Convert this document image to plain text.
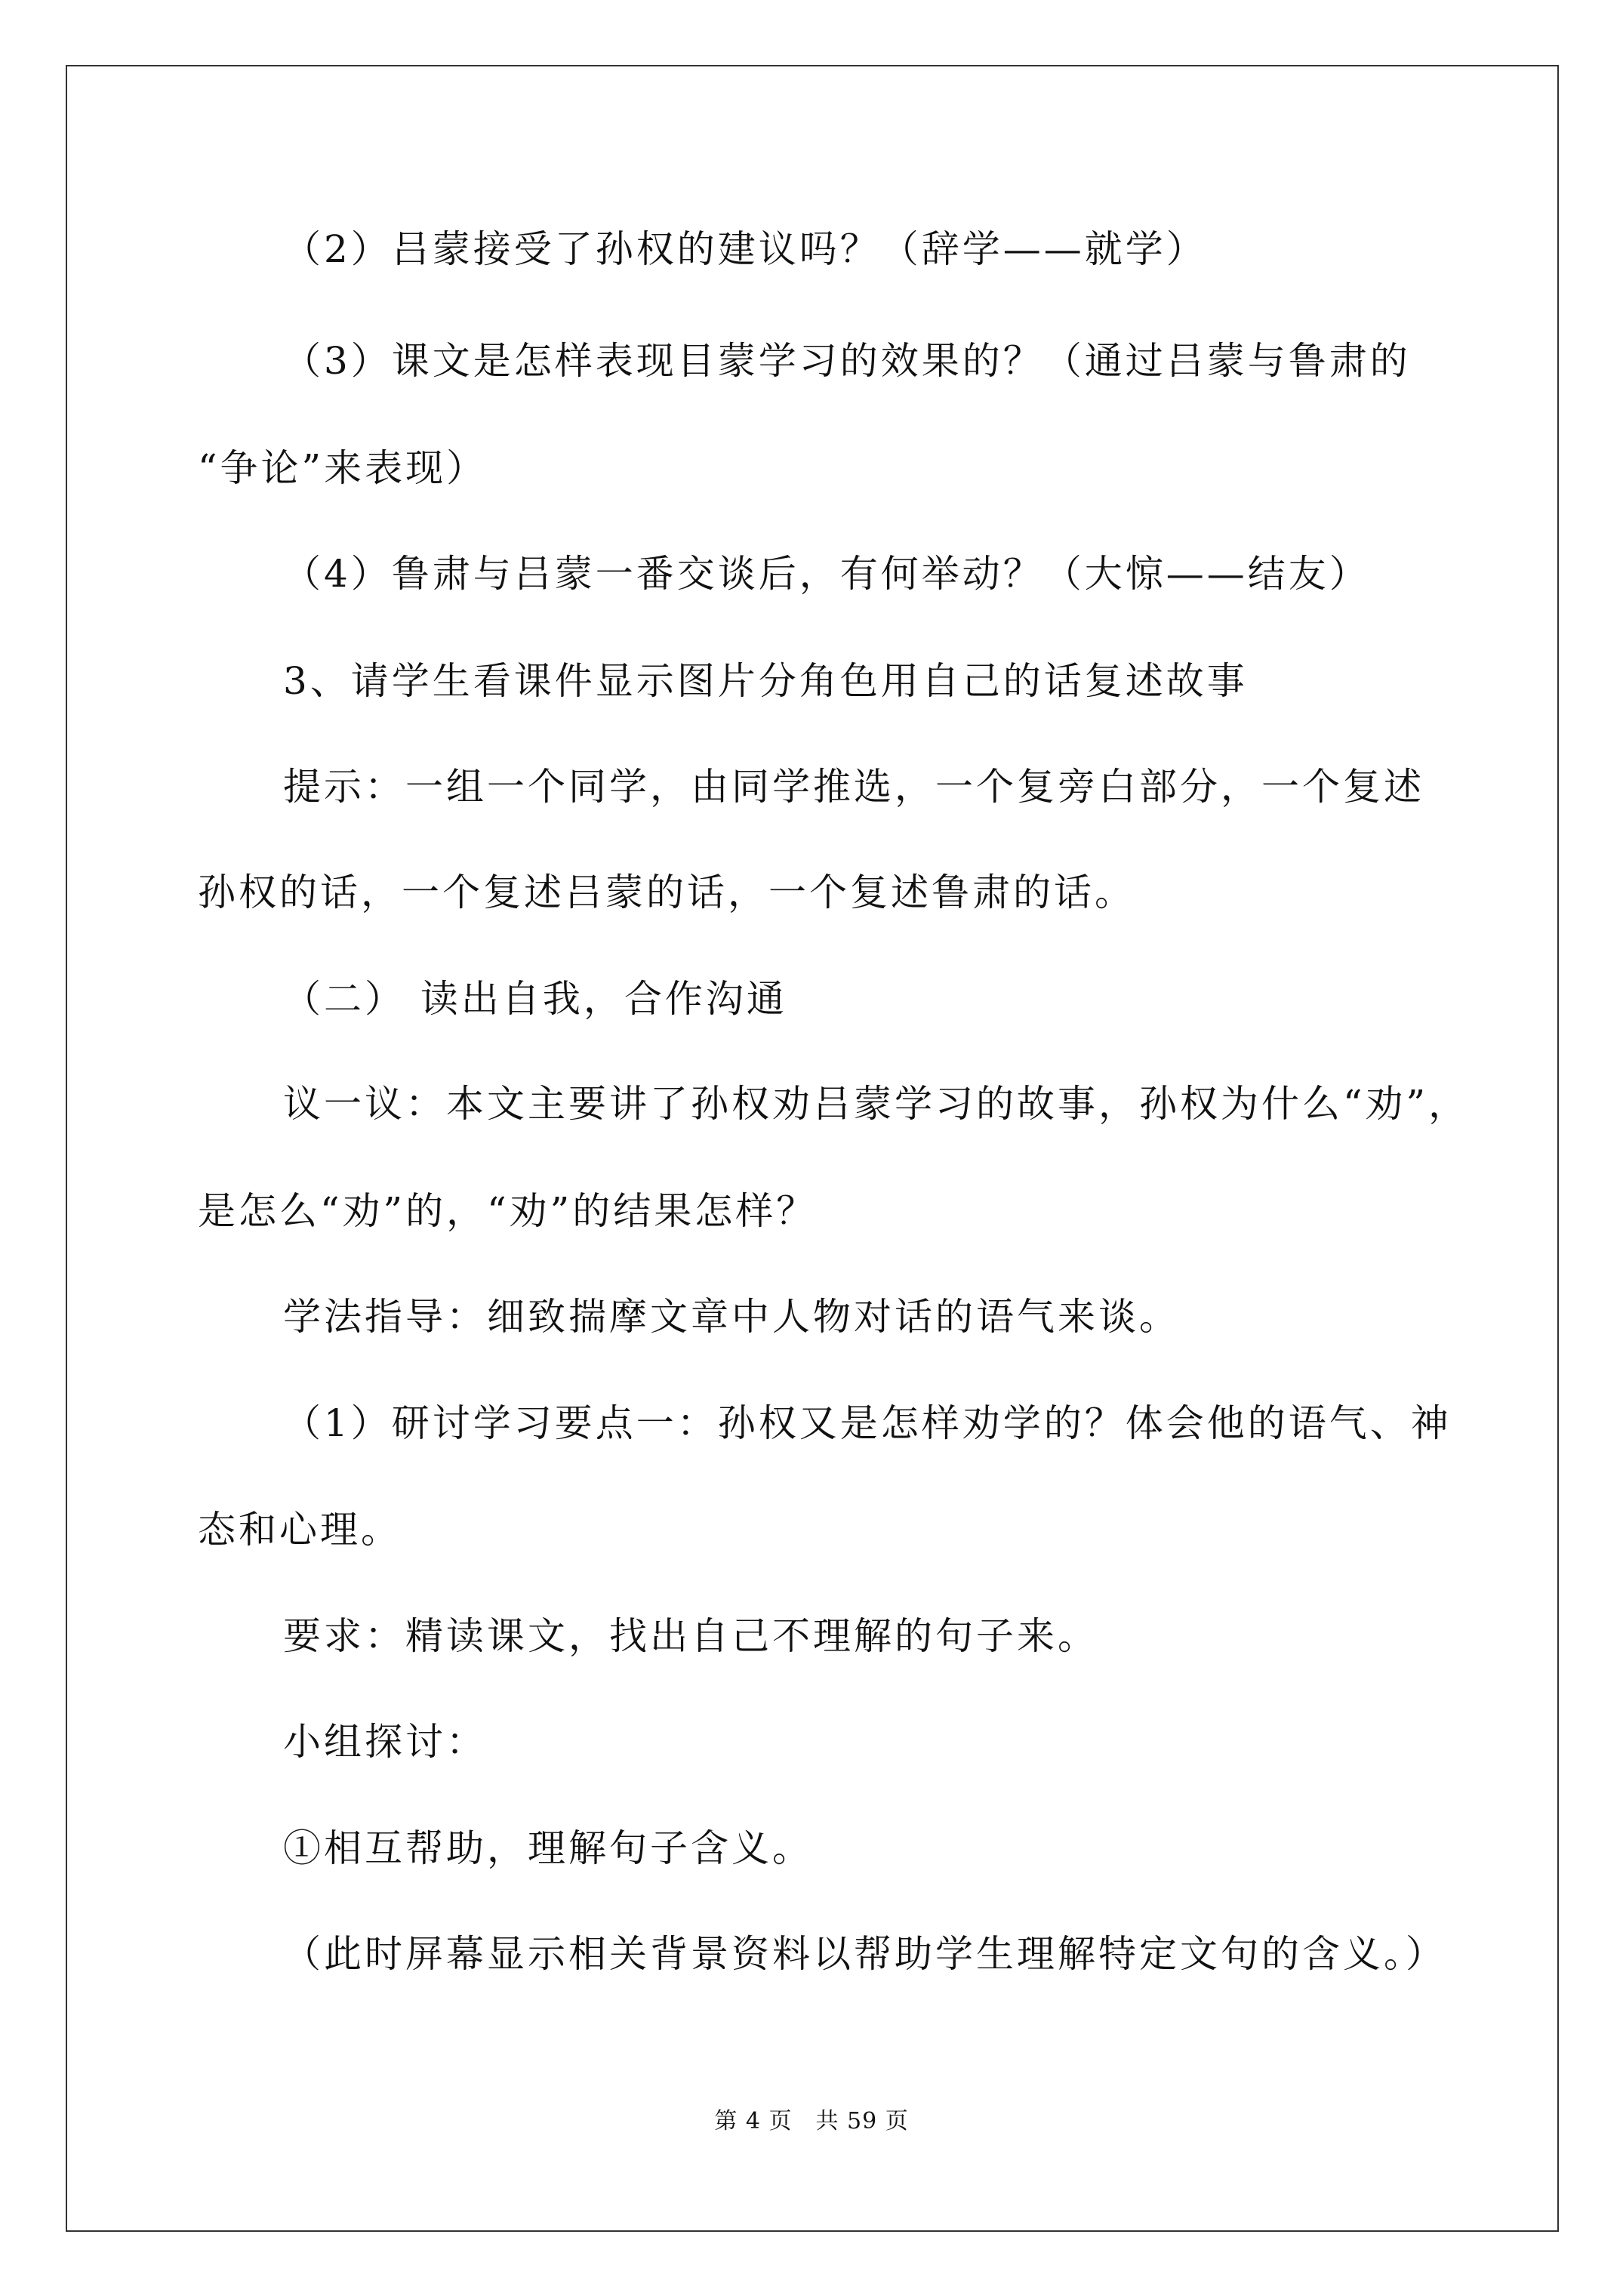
（2）吕蒙接受了孙权的建议吗？（辞学——就学）
（3）课文是怎样表现目蒙学习的效果的？（通过吕蒙与鲁肃的
“争论”来表现）
（4）鲁肃与吕蒙一番交谈后，有何举动？（大惊——结友）
3、请学生看课件显示图片分角色用自己的话复述故事
提示：一组一个同学，由同学推选，一个复旁白部分，一个复述
孙权的话，一个复述吕蒙的话，一个复述鲁肃的话。
（二） 读出自我，合作沟通
议一议：本文主要讲了孙权劝吕蒙学习的故事，孙权为什么“劝”，
是怎么“劝”的，“劝”的结果怎样？
学法指导：细致揣摩文章中人物对话的语气来谈。
（1）研讨学习要点一：孙权又是怎样劝学的？体会他的语气、神
态和心理。
要求：精读课文，找出自己不理解的句子来。
小组探讨：
①相互帮助，理解句子含义。
（此时屏幕显示相关背景资料以帮助学生理解特定文句的含义。）
第 4 页　共 59 页
